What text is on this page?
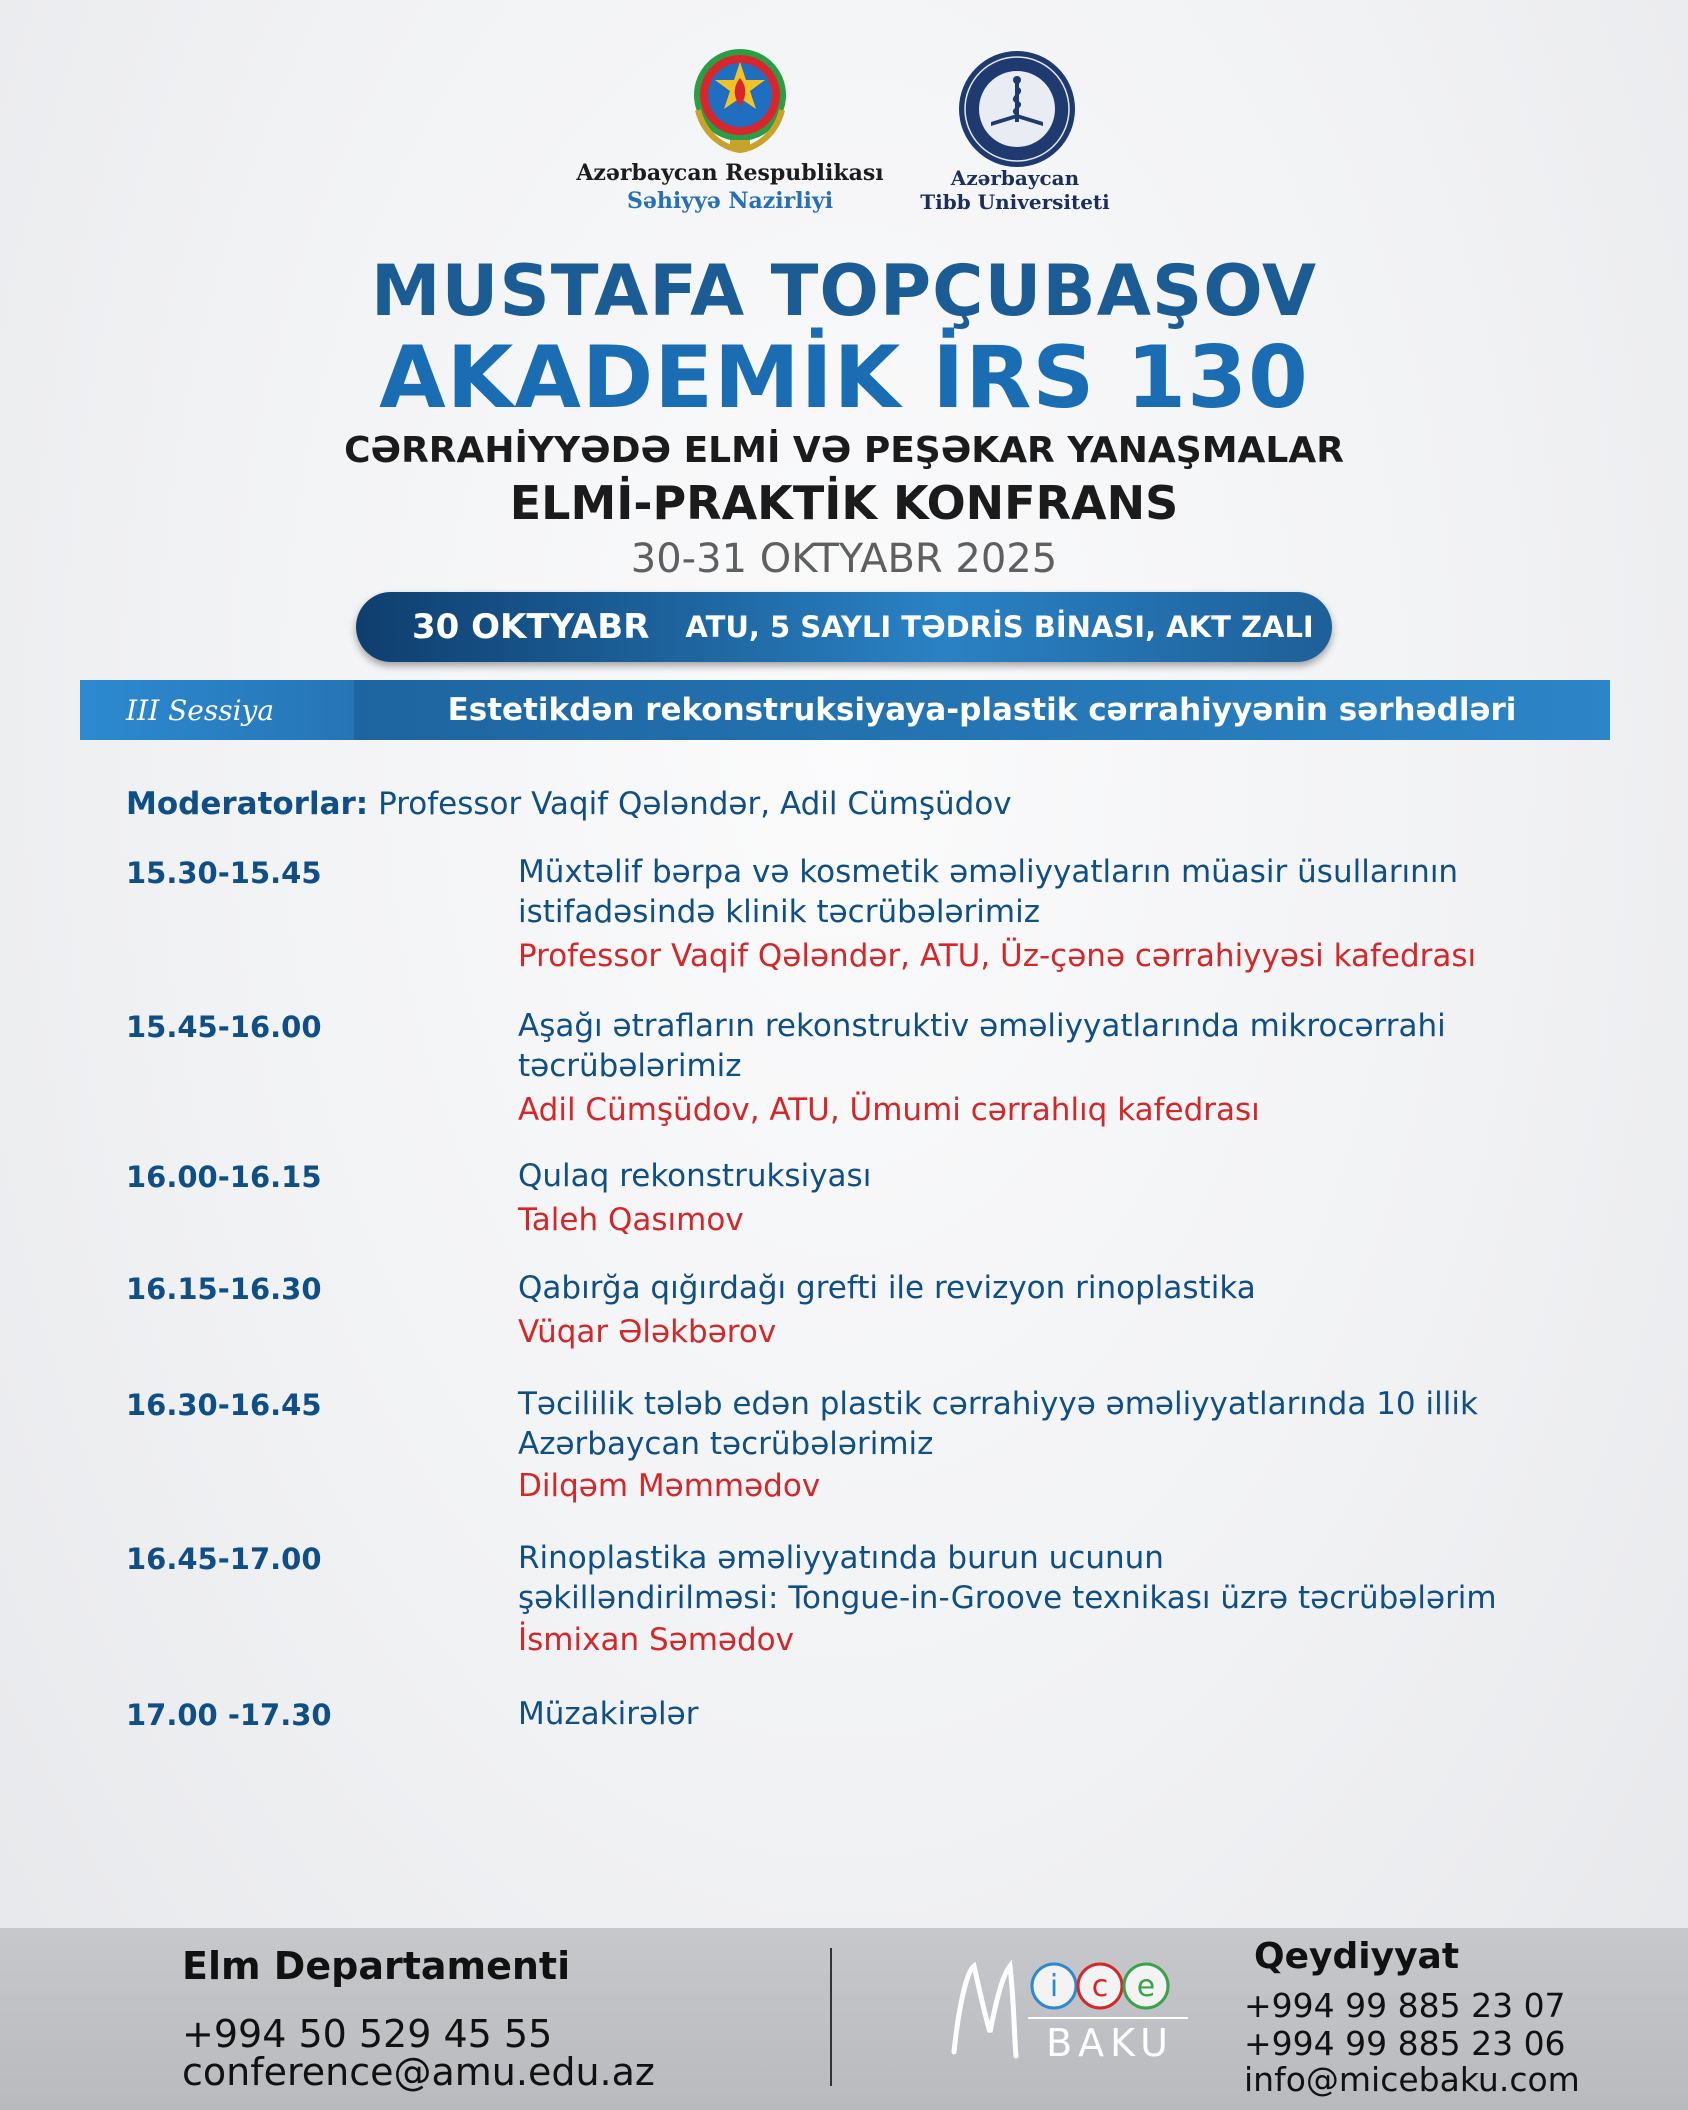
Azərbaycan Respublikası
Səhiyyə Nazirliyi
Azərbaycan
Tibb Universiteti
MUSTAFA TOPÇUBAŞOV
AKADEMİK İRS 130
CƏRRAHİYYƏDƏ ELMİ VƏ PEŞƏKAR YANAŞMALAR
ELMİ-PRAKTİK KONFRANS
30-31 OKTYABR 2025
30 OKTYABR ATU, 5 SAYLI TƏDRİS BİNASI, AKT ZALI
III Sessiya	Estetikdən rekonstruksiyaya-plastik cərrahiyyənin sərhədləri
Moderatorlar: Professor Vaqif Qələndər, Adil Cümşüdov
15.30-15.45	Müxtəlif bərpa və kosmetik əməliyyatların müasir üsullarının
istifadəsində klinik təcrübələrimiz
Professor Vaqif Qələndər, ATU, Üz-çənə cərrahiyyəsi kafedrası
15.45-16.00	Aşağı ətrafların rekonstruktiv əməliyyatlarında mikrocərrahi
təcrübələrimiz
Adil Cümşüdov, ATU, Ümumi cərrahlıq kafedrası
16.00-16.15	Qulaq rekonstruksiyası
Taleh Qasımov
16.15-16.30	Qabırğa qığırdağı grefti ile revizyon rinoplastika
Vüqar Ələkbərov
16.30-16.45	Təcililik tələb edən plastik cərrahiyyə əməliyyatlarında 10 illik
Azərbaycan təcrübələrimiz
Dilqəm Məmmədov
16.45-17.00	Rinoplastika əməliyyatında burun ucunun
şəkilləndirilməsi: Tongue-in-Groove texnikası üzrə təcrübələrim
İsmixan Səmədov
17.00 -17.30	Müzakirələr
Elm Departamenti
+994 50 529 45 55
conference@amu.edu.az
i c e
BAKU
Qeydiyyat
+994 99 885 23 07
+994 99 885 23 06
info@micebaku.com
